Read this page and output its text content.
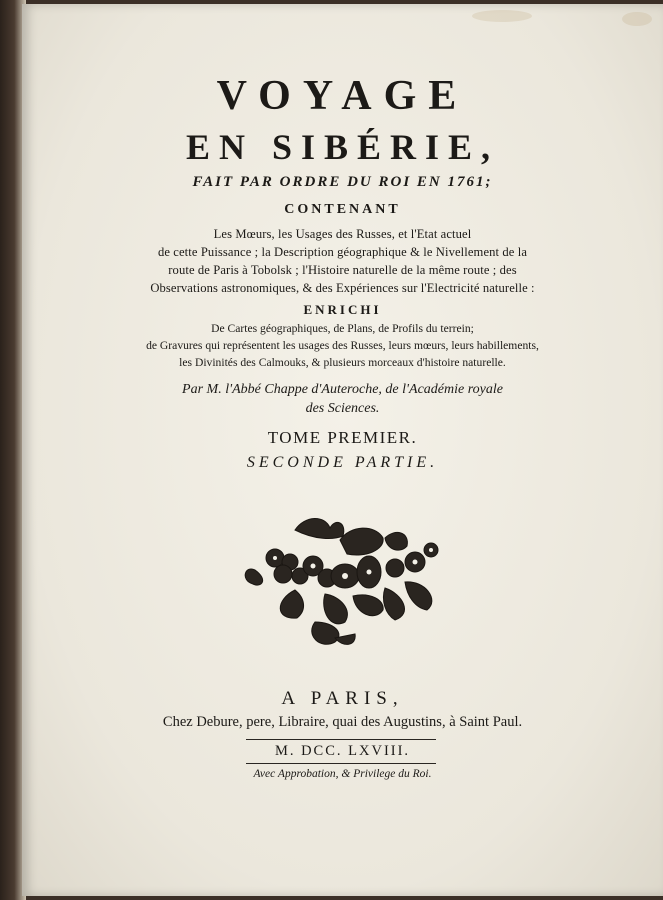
VOYAGE
EN SIBÉRIE,
FAIT PAR ORDRE DU ROI EN 1761;
CONTENANT
Les Mœurs, les Usages des Russes, et l'Etat actuel
de cette Puissance ; la Description géographique & le Nivellement de la
route de Paris à Tobolsk ; l'Histoire naturelle de la même route ; des
Observations astronomiques, & des Expériences sur l'Electricité naturelle :
ENRICHI
De Cartes géographiques, de Plans, de Profils du terrein;
de Gravures qui représentent les usages des Russes, leurs mœurs, leurs habillements,
les Divinités des Calmouks, & plusieurs morceaux d'histoire naturelle.
Par M. l'Abbé Chappe d'Auteroche, de l'Académie royale
des Sciences.
TOME PREMIER.
SECONDE PARTIE.
A PARIS,
Chez Debure, pere, Libraire, quai des Augustins, à Saint Paul.
M. DCC. LXVIII.
Avec Approbation, & Privilege du Roi.
